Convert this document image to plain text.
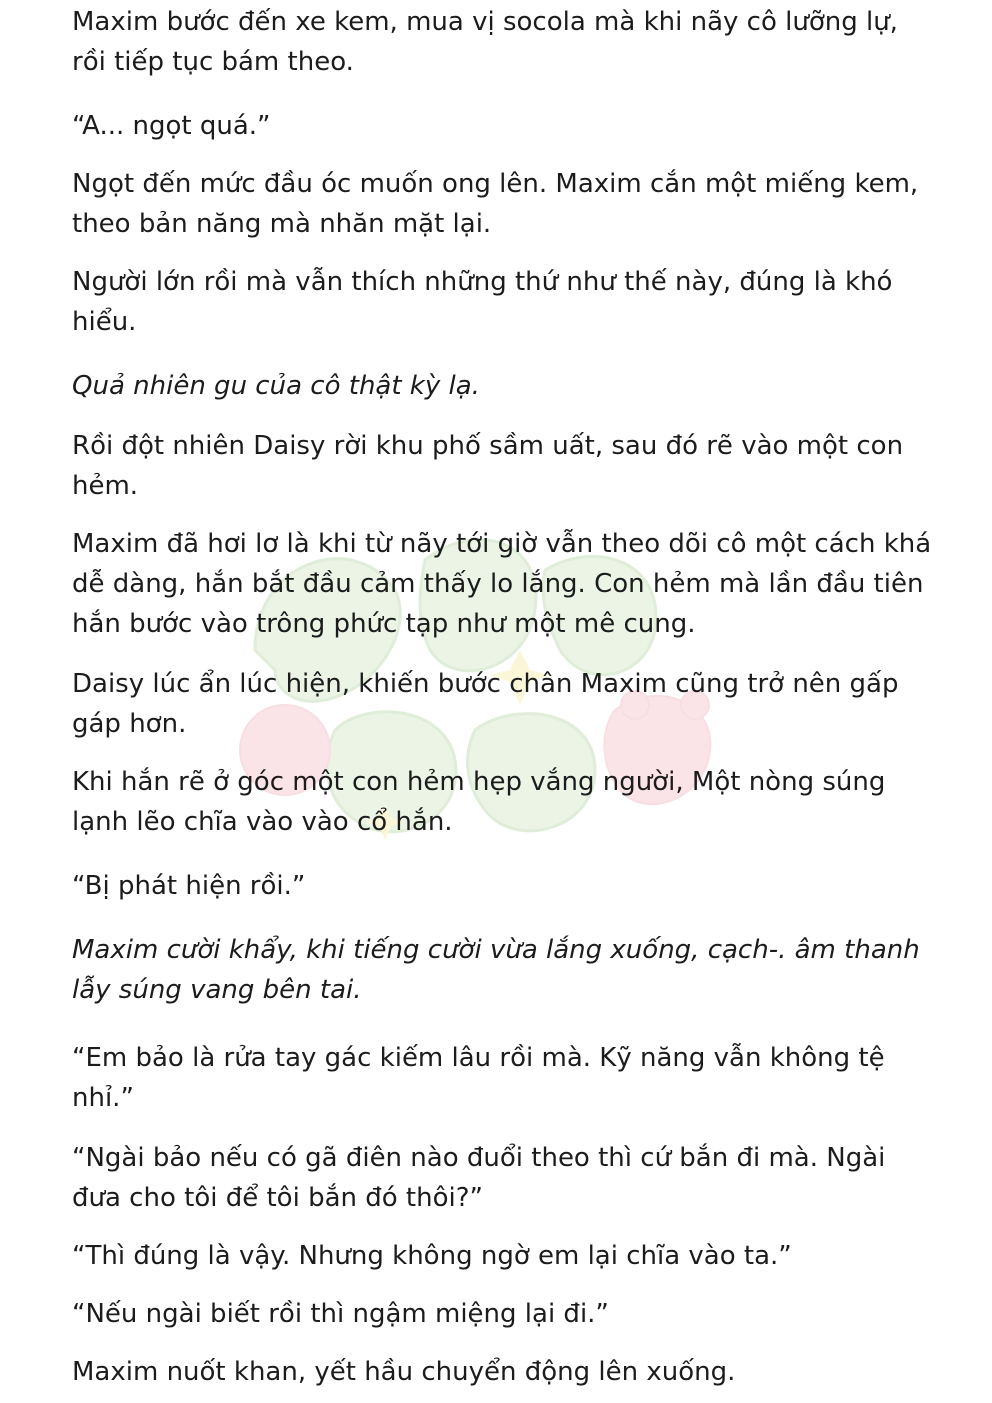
Maxim bước đến xe kem, mua vị socola mà khi nãy cô lưỡng lự, rồi tiếp tục bám theo.

“A... ngọt quá.”

Ngọt đến mức đầu óc muốn ong lên. Maxim cắn một miếng kem, theo bản năng mà nhăn mặt lại.

Người lớn rồi mà vẫn thích những thứ như thế này, đúng là khó hiểu.

Quả nhiên gu của cô thật kỳ lạ.

Rồi đột nhiên Daisy rời khu phố sầm uất, sau đó rẽ vào một con hẻm.

Maxim đã hơi lơ là khi từ nãy tới giờ vẫn theo dõi cô một cách khá dễ dàng, hắn bắt đầu cảm thấy lo lắng. Con hẻm mà lần đầu tiên hắn bước vào trông phức tạp như một mê cung.

Daisy lúc ẩn lúc hiện, khiến bước chân Maxim cũng trở nên gấp gáp hơn.

Khi hắn rẽ ở góc một con hẻm hẹp vắng người, Một nòng súng lạnh lẽo chĩa vào vào cổ hắn.

“Bị phát hiện rồi.”

Maxim cười khẩy, khi tiếng cười vừa lắng xuống, cạch-. âm thanh lẫy súng vang bên tai.

“Em bảo là rửa tay gác kiếm lâu rồi mà. Kỹ năng vẫn không tệ nhỉ.”

“Ngài bảo nếu có gã điên nào đuổi theo thì cứ bắn đi mà. Ngài đưa cho tôi để tôi bắn đó thôi?”

“Thì đúng là vậy. Nhưng không ngờ em lại chĩa vào ta.”

“Nếu ngài biết rồi thì ngậm miệng lại đi.”

Maxim nuốt khan, yết hầu chuyển động lên xuống.
